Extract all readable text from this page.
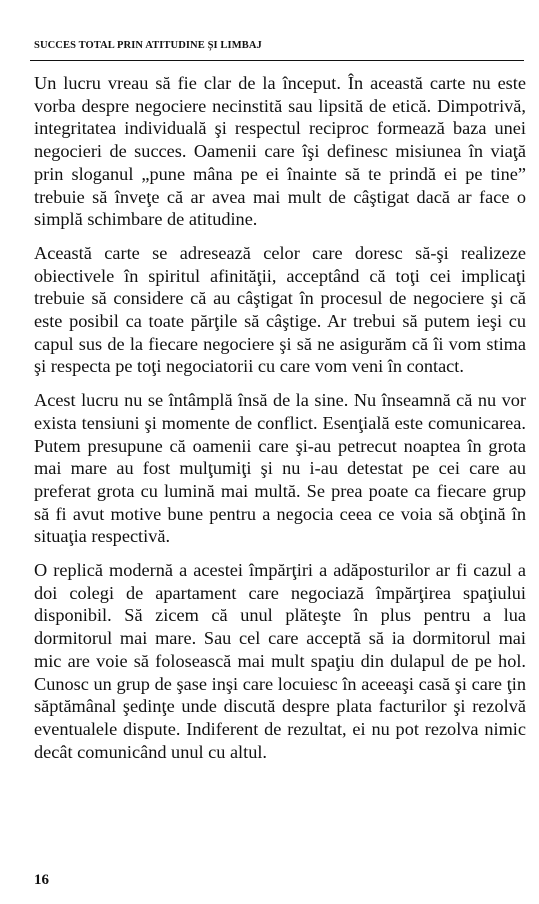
SUCCES TOTAL PRIN ATITUDINE ȘI LIMBAJ

Un lucru vreau să fie clar de la început. În această carte nu este vorba despre negociere necinstită sau lipsită de etică. Dimpotrivă, integritatea individuală şi respectul reciproc formează baza unei negocieri de succes. Oamenii care îşi definesc misiunea în viaţă prin sloganul „pune mâna pe ei înainte să te prindă ei pe tine” trebuie să înveţe că ar avea mai mult de câştigat dacă ar face o simplă schimbare de atitudine.

Această carte se adresează celor care doresc să-şi realizeze obiectivele în spiritul afinităţii, acceptând că toţi cei implicaţi trebuie să considere că au câştigat în procesul de negociere şi că este posibil ca toate părţile să câştige. Ar trebui să putem ieşi cu capul sus de la fiecare negociere şi să ne asigurăm că îi vom stima şi respecta pe toţi negociatorii cu care vom veni în contact.

Acest lucru nu se întâmplă însă de la sine. Nu înseamnă că nu vor exista tensiuni şi momente de conflict. Esenţială este comunicarea. Putem presupune că oamenii care şi-au petrecut noaptea în grota mai mare au fost mulţumiţi şi nu i-au detestat pe cei care au preferat grota cu lumină mai multă. Se prea poate ca fiecare grup să fi avut motive bune pentru a negocia ceea ce voia să obţină în situaţia respectivă.

O replică modernă a acestei împărţiri a adăposturilor ar fi cazul a doi colegi de apartament care negociază împărţirea spaţiului disponibil. Să zicem că unul plăteşte în plus pentru a lua dormitorul mai mare. Sau cel care acceptă să ia dormitorul mai mic are voie să folosească mai mult spaţiu din dulapul de pe hol. Cunosc un grup de şase inşi care locuiesc în aceeaşi casă şi care ţin săptămânal şedinţe unde discută despre plata facturilor şi rezolvă eventualele dispute. Indiferent de rezultat, ei nu pot rezolva nimic decât comunicând unul cu altul.

16
